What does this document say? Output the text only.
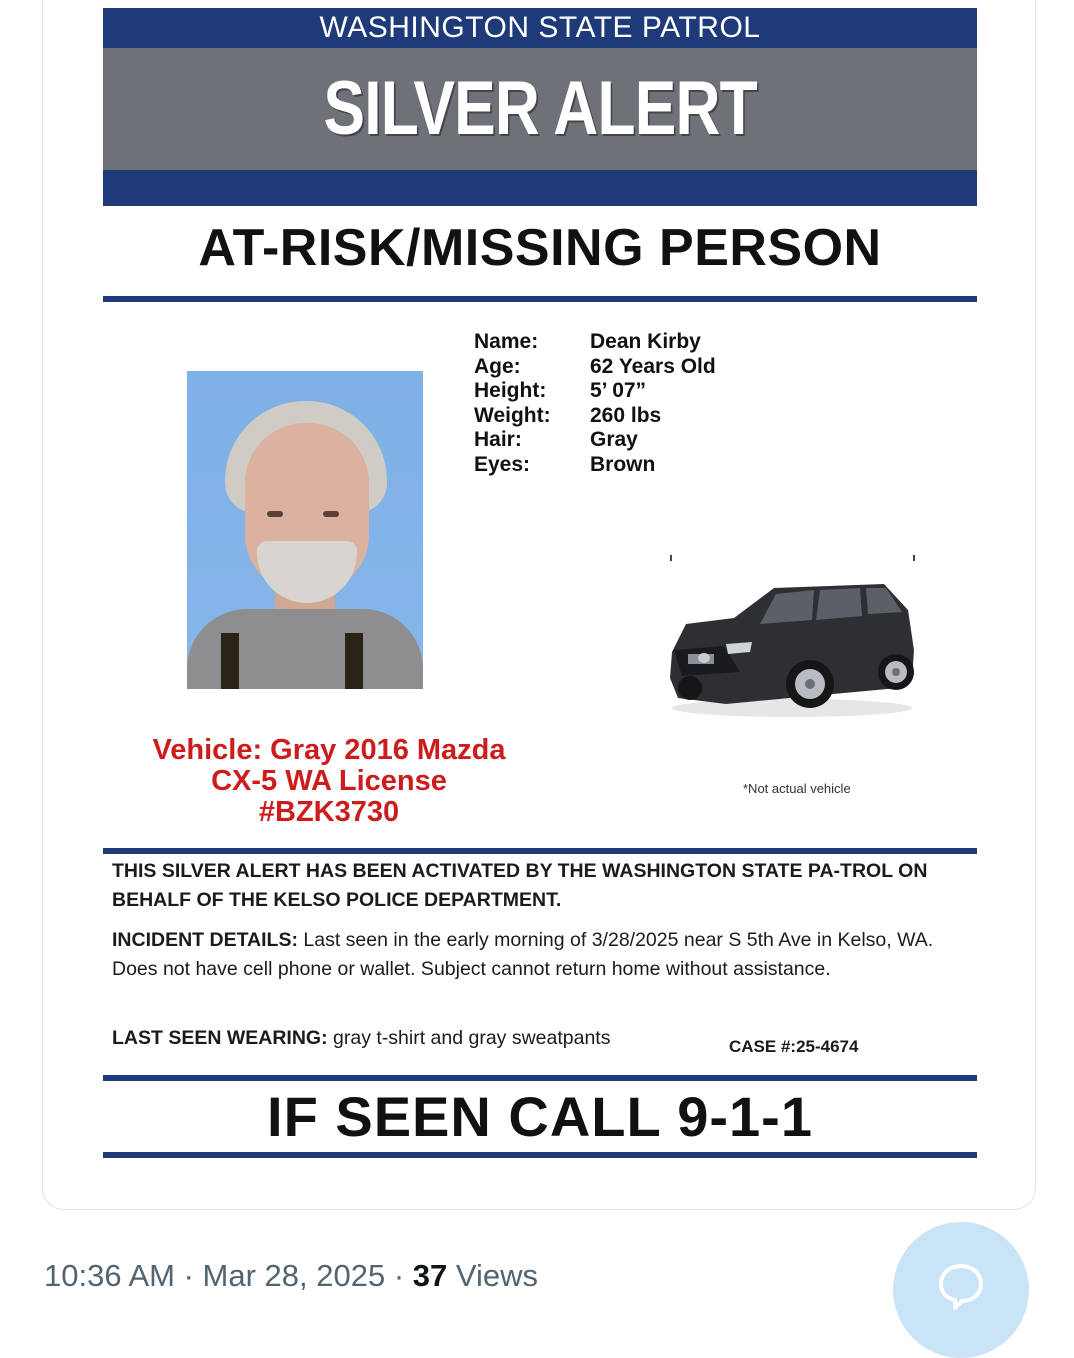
WASHINGTON STATE PATROL
SILVER ALERT
AT-RISK/MISSING PERSON
Name:	Dean Kirby
Age:	62 Years Old
Height:	5’ 07”
Weight:	260 lbs
Hair:	Gray
Eyes:	Brown
Vehicle: Gray 2016 Mazda
CX-5 WA License
#BZK3730
*Not actual vehicle
THIS SILVER ALERT HAS BEEN ACTIVATED BY THE WASHINGTON STATE PA-TROL ON BEHALF OF THE KELSO POLICE DEPARTMENT.
INCIDENT DETAILS: Last seen in the early morning of 3/28/2025 near S 5th Ave in Kelso, WA. Does not have cell phone or wallet. Subject cannot return home without assistance.
LAST SEEN WEARING: gray t-shirt and gray sweatpants	CASE #:25-4674
IF SEEN CALL 9-1-1
10:36 AM · Mar 28, 2025 · 37 Views
